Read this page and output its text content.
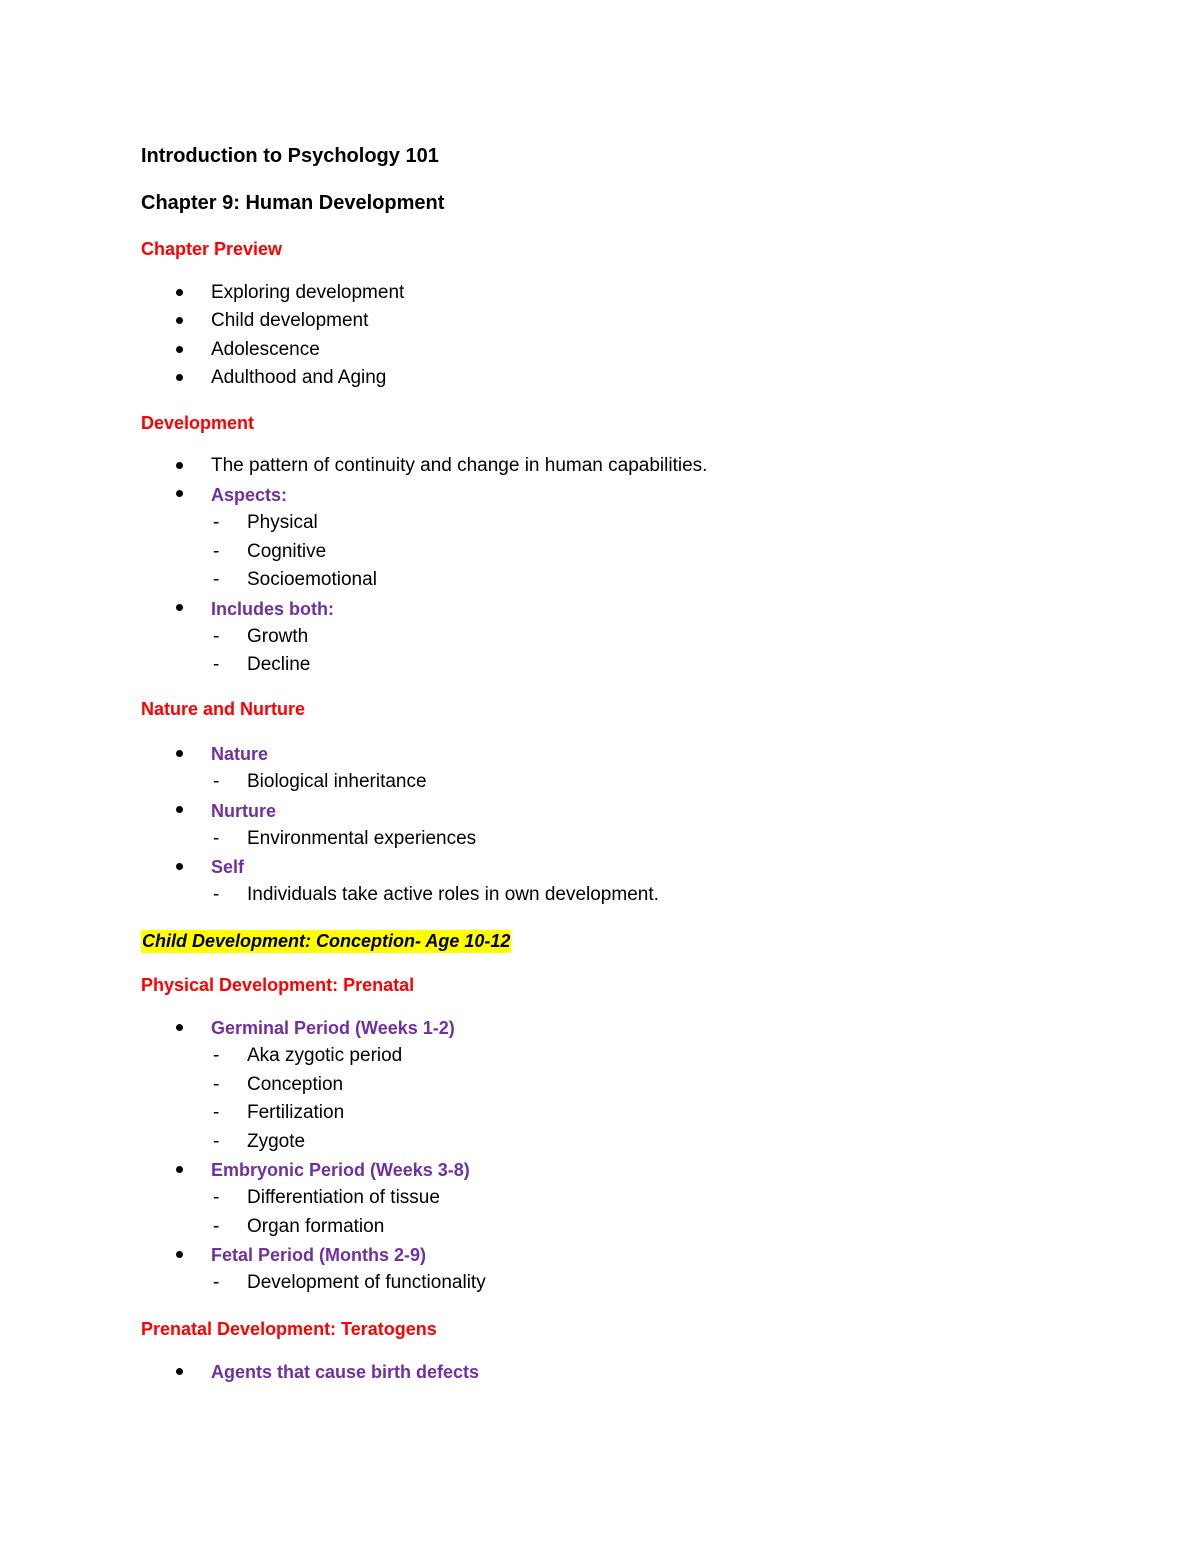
Introduction to Psychology 101
Chapter 9: Human Development
Chapter Preview
Exploring development
Child development
Adolescence
Adulthood and Aging
Development
The pattern of continuity and change in human capabilities.
Aspects:
- Physical
- Cognitive
- Socioemotional
Includes both:
- Growth
- Decline
Nature and Nurture
Nature
- Biological inheritance
Nurture
- Environmental experiences
Self
- Individuals take active roles in own development.
Child Development: Conception- Age 10-12
Physical Development: Prenatal
Germinal Period (Weeks 1-2)
- Aka zygotic period
- Conception
- Fertilization
- Zygote
Embryonic Period (Weeks 3-8)
- Differentiation of tissue
- Organ formation
Fetal Period (Months 2-9)
- Development of functionality
Prenatal Development: Teratogens
Agents that cause birth defects
